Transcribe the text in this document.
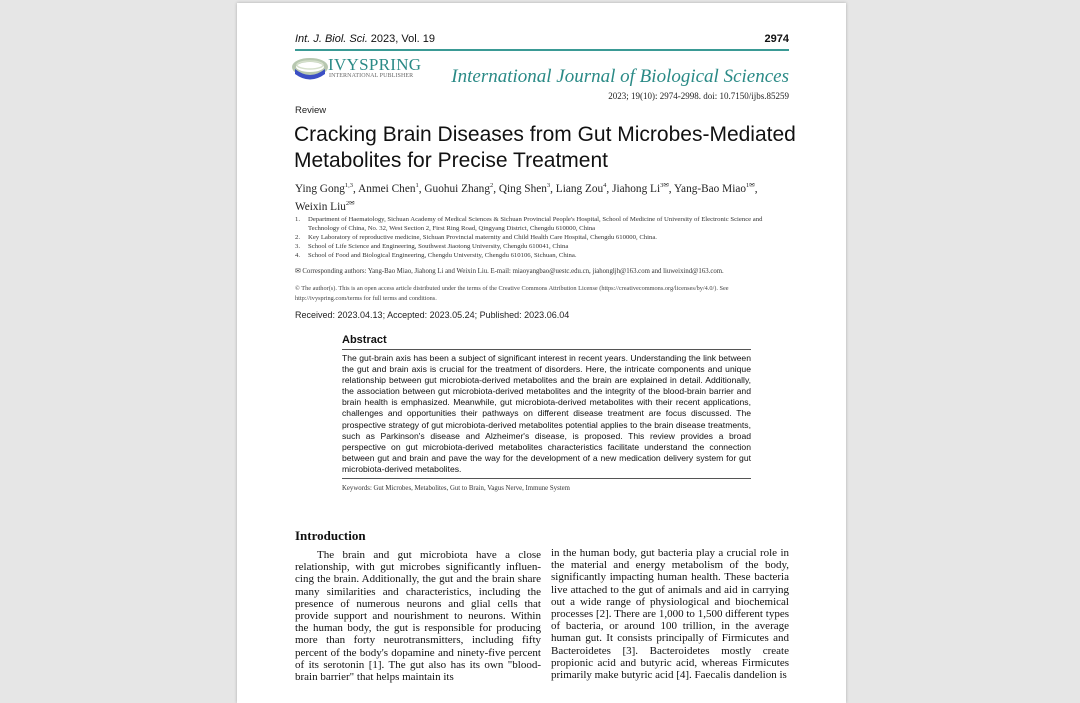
Int. J. Biol. Sci. 2023, Vol. 19	2974
IVYSPRING
INTERNATIONAL PUBLISHER International Journal of Biological Sciences
2023; 19(10): 2974-2998. doi: 10.7150/ijbs.85259
Review
Cracking Brain Diseases from Gut Microbes-Mediated Metabolites for Precise Treatment
Ying Gong$^{1,3}$, Anmei Chen$^1$, Guohui Zhang$^2$, Qing Shen$^3$, Liang Zou$^4$, Jiahong $Li^{3✉}$, Yang-Bao Miao$^{1✉}$,
Weixin Liu$^{2✉}$
1.	Department of Haematology, Sichuan Academy of Medical Sciences & Sichuan Provincial People's Hospital, School of Medicine of University of Electronic Science and Technology of China, No. 32, West Section 2, First Ring Road, Qingyang District, Chengdu 610000, China
2.	Key Laboratory of reproductive medicine, Sichuan Provincial maternity and Child Health Care Hospital, Chengdu 610000, China.
3.	School of Life Science and Engineering, Southwest Jiaotong University, Chengdu 610041, China
4.	School of Food and Biological Engineering, Chengdu University, Chengdu 610106, Sichuan, China.
✉ Corresponding authors: Yang-Bao Miao, Jiahong Li and Weixin Liu. E-mail: miaoyangbao@uestc.edu.cn, jiahongljh@163.com and liuweixind@163.com.
© The author(s). This is an open access article distributed under the terms of the Creative Commons Attribution License (https://creativecommons.org/licenses/by/4.0/). See http://ivyspring.com/terms for full terms and conditions.
Received: 2023.04.13; Accepted: 2023.05.24; Published: 2023.06.04
Abstract
The gut-brain axis has been a subject of significant interest in recent years. Understanding the link between the gut and brain axis is crucial for the treatment of disorders. Here, the intricate components and unique relationship between gut microbiota-derived metabolites and the brain are explained in detail. Additionally, the association between gut microbiota-derived metabolites and the integrity of the blood-brain barrier and brain health is emphasized. Meanwhile, gut microbiota-derived metabolites with their recent applications, challenges and opportunities their pathways on different disease treatment are focus discussed. The prospective strategy of gut microbiota-derived metabolites potential applies to the brain disease treatments, such as Parkinson's disease and Alzheimer's disease, is proposed. This review provides a broad perspective on gut microbiota-derived metabolites characteristics facilitate understand the connection between gut and brain and pave the way for the development of a new medication delivery system for gut microbiota-derived metabolites.
Keywords: Gut Microbes, Metabolites, Gut to Brain, Vagus Nerve, Immune System
Introduction

The brain and gut microbiota have a close relationship, with gut microbes significantly influen-cing the brain. Additionally, the gut and the brain share many similarities and characteristics, including the presence of numerous neurons and glial cells that provide support and nourishment to neurons. Within the human body, the gut is responsible for producing more than forty neurotransmitters, including fifty percent of the body's dopamine and ninety-five percent of its serotonin [1]. The gut also has its own "blood-brain barrier" that helps maintain its

in the human body, gut bacteria play a crucial role in the material and energy metabolism of the body, significantly impacting human health. These bacteria live attached to the gut of animals and aid in carrying out a wide range of physiological and biochemical processes [2]. There are 1,000 to 1,500 different types of bacteria, or around 100 trillion, in the average human gut. It consists principally of Firmicutes and Bacteroidetes [3]. Bacteroidetes mostly create propionic acid and butyric acid, whereas Firmicutes primarily make butyric acid [4]. Faecalis dandelion is
